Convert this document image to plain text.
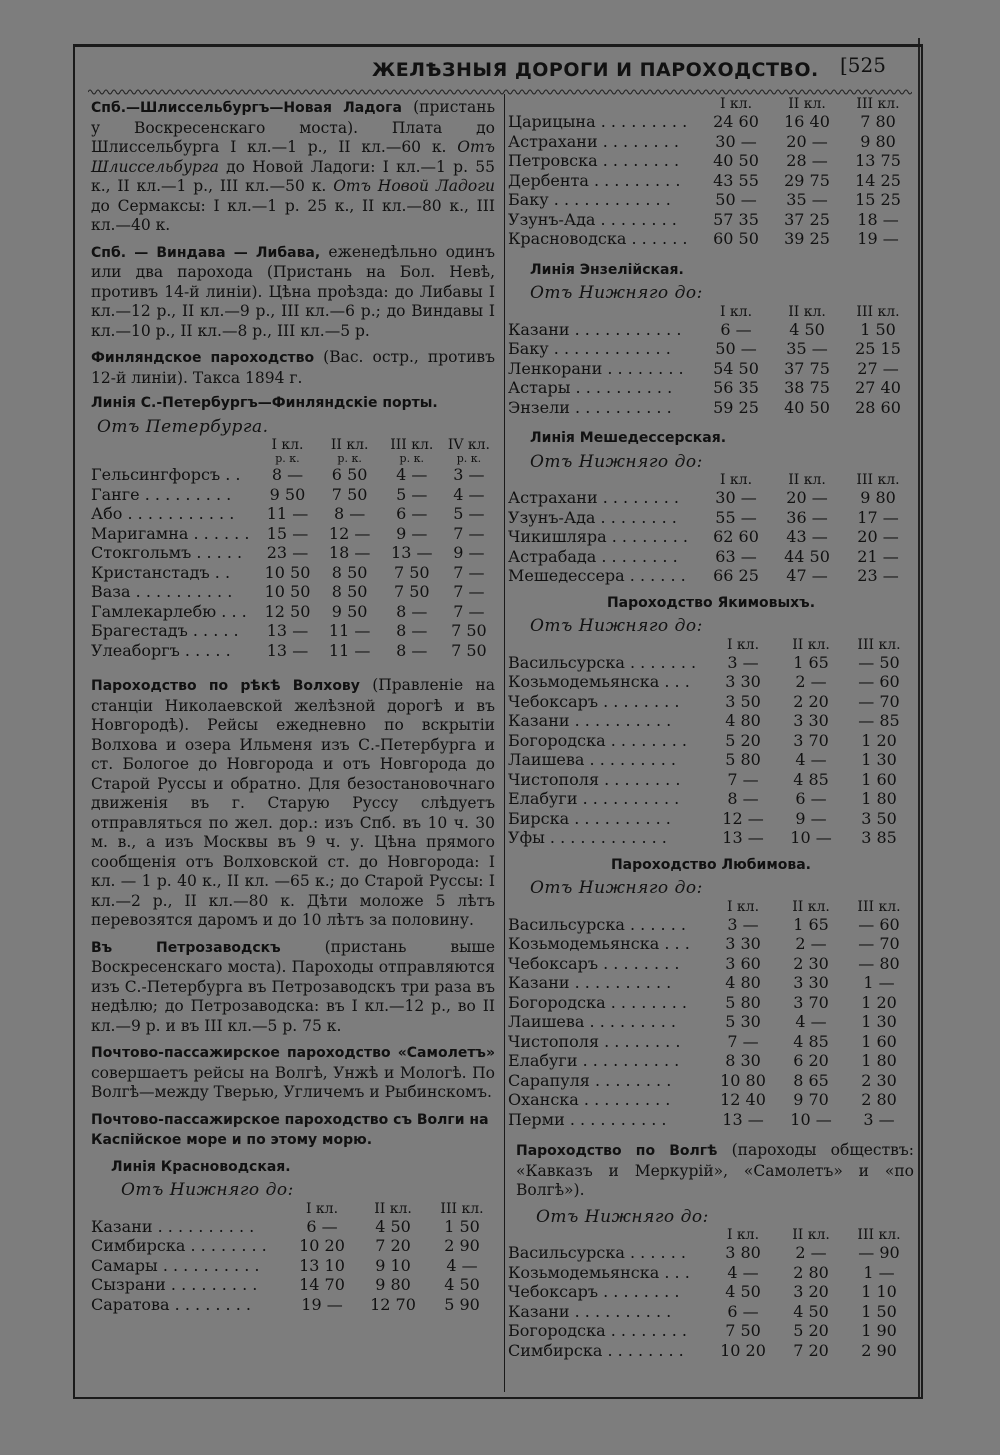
ЖЕЛѢЗНЫЯ ДОРОГИ И ПАРОХОДСТВО. [525

Спб.—Шлиссельбургъ—Новая Ладога (пристань у Воскресенскаго моста). Плата до Шлиссельбурга I кл.—1 р., II кл.—60 к. Отъ Шлиссельбурга до Новой Ладоги: I кл.—1 р. 55 к., II кл.—1 р., III кл.—50 к. Отъ Новой Ладоги до Сермаксы: I кл.—1 р. 25 к., II кл.—80 к., III кл.—40 к.

Спб. — Виндава — Либава, еженедѣльно одинъ или два парохода (Пристань на Бол. Невѣ, противъ 14-й линіи). Цѣна проѣзда: до Либавы I кл.—12 р., II кл.—9 р., III кл.—6 р.; до Виндавы I кл.—10 р., II кл.—8 р., III кл.—5 р.

Финляндское пароходство (Вас. остр., противъ 12-й линіи). Такса 1894 г.

Линія С.-Петербургъ—Финляндскіе порты.
Отъ Петербурга.
	I кл.	II кл.	III кл.	IV кл.
	р. к.	р. к.	р. к.	р. к.
Гельсингфорсъ . .	8 —	6 50	4 —	3 —
Ганге . . . . . . . . .	9 50	7 50	5 —	4 —
Або . . . . . . . . . . .	11 —	8 —	6 —	5 —
Маригамна . . . . . .	15 —	12 —	9 —	7 —
Стокгольмъ . . . . .	23 —	18 —	13 —	9 —
Кристанстадъ . .	10 50	8 50	7 50	7 —
Ваза . . . . . . . . . .	10 50	8 50	7 50	7 —
Гамлекарлебю . . .	12 50	9 50	8 —	7 —
Брагестадъ . . . . .	13 —	11 —	8 —	7 50
Улеаборгъ . . . . .	13 —	11 —	8 —	7 50

Пароходство по рѣкѣ Волхову (Правленіе на станціи Николаевской желѣзной дорогѣ и въ Новгородѣ). Рейсы ежедневно по вскрытіи Волхова и озера Ильменя изъ С.-Петербурга и ст. Бологое до Новгорода и отъ Новгорода до Старой Руссы и обратно. Для безостановочнаго движенія въ г. Старую Руссу слѣдуетъ отправляться по жел. дор.: изъ Спб. въ 10 ч. 30 м. в., а изъ Москвы въ 9 ч. у. Цѣна прямого сообщенія отъ Волховской ст. до Новгорода: I кл. — 1 р. 40 к., II кл. —65 к.; до Старой Руссы: I кл.—2 р., II кл.—80 к. Дѣти моложе 5 лѣтъ перевозятся даромъ и до 10 лѣтъ за половину.

Въ Петрозаводскъ (пристань выше Воскресенскаго моста). Пароходы отправляются изъ С.-Петербурга въ Петрозаводскъ три раза въ недѣлю; до Петрозаводска: въ I кл.—12 р., во II кл.—9 р. и въ III кл.—5 р. 75 к.

Почтово-пассажирское пароходство «Самолетъ» совершаетъ рейсы на Волгѣ, Унжѣ и Мологѣ. По Волгѣ—между Тверью, Угличемъ и Рыбинскомъ.

Почтово-пассажирское пароходство съ Волги на Каспійское море и по этому морю.

Линія Красноводская.
Отъ Нижняго до:
	I кл.	II кл.	III кл.
Казани . . . . . . . . . .	6 —	4 50	1 50
Симбирска . . . . . . . .	10 20	7 20	2 90
Самары . . . . . . . . . .	13 10	9 10	4 —
Сызрани . . . . . . . . .	14 70	9 80	4 50
Саратова . . . . . . . .	19 —	12 70	5 90
	I кл.	II кл.	III кл.
Царицына . . . . . . . . .	24 60	16 40	7 80
Астрахани . . . . . . . .	30 —	20 —	9 80
Петровска . . . . . . . .	40 50	28 —	13 75
Дербента . . . . . . . . .	43 55	29 75	14 25
Баку . . . . . . . . . . . .	50 —	35 —	15 25
Узунъ-Ада . . . . . . . .	57 35	37 25	18 —
Красноводска . . . . . .	60 50	39 25	19 —
Линія Энзелійская.
Отъ Нижняго до:
	I кл.	II кл.	III кл.
Казани . . . . . . . . . . .	6 —	4 50	1 50
Баку . . . . . . . . . . . .	50 —	35 —	25 15
Ленкорани . . . . . . . .	54 50	37 75	27 —
Астары . . . . . . . . . .	56 35	38 75	27 40
Энзели . . . . . . . . . .	59 25	40 50	28 60
Линія Мешедессерская.
Отъ Нижняго до:
	I кл.	II кл.	III кл.
Астрахани . . . . . . . .	30 —	20 —	9 80
Узунъ-Ада . . . . . . . .	55 —	36 —	17 —
Чикишляра . . . . . . . .	62 60	43 —	20 —
Астрабада . . . . . . . .	63 —	44 50	21 —
Мешедессера . . . . . .	66 25	47 —	23 —
Пароходство Якимовыхъ.
Отъ Нижняго до:
	I кл.	II кл.	III кл.
Васильсурска . . . . . . .	3 —	1 65	— 50
Козьмодемьянска . . .	3 30	2 —	— 60
Чебоксаръ . . . . . . . .	3 50	2 20	— 70
Казани . . . . . . . . . .	4 80	3 30	— 85
Богородска . . . . . . . .	5 20	3 70	1 20
Лаишева . . . . . . . . .	5 80	4 —	1 30
Чистополя . . . . . . . .	7 —	4 85	1 60
Елабуги . . . . . . . . . .	8 —	6 —	1 80
Бирска . . . . . . . . . .	12 —	9 —	3 50
Уфы . . . . . . . . . . . .	13 —	10 —	3 85
Пароходство Любимова.
Отъ Нижняго до:
	I кл.	II кл.	III кл.
Васильсурска . . . . . .	3 —	1 65	— 60
Козьмодемьянска . . .	3 30	2 —	— 70
Чебоксаръ . . . . . . . .	3 60	2 30	— 80
Казани . . . . . . . . . .	4 80	3 30	1 —
Богородска . . . . . . . .	5 80	3 70	1 20
Лаишева . . . . . . . . .	5 30	4 —	1 30
Чистополя . . . . . . . .	7 —	4 85	1 60
Елабуги . . . . . . . . . .	8 30	6 20	1 80
Сарапуля . . . . . . . .	10 80	8 65	2 30
Оханска . . . . . . . . .	12 40	9 70	2 80
Перми . . . . . . . . . .	13 —	10 —	3 —

Пароходство по Волгѣ (пароходы обществъ: «Кавказъ и Меркурій», «Самолетъ» и «по Волгѣ»).

Отъ Нижняго до:
	I кл.	II кл.	III кл.
Васильсурска . . . . . .	3 80	2 —	— 90
Козьмодемьянска . . .	4 —	2 80	1 —
Чебоксаръ . . . . . . . .	4 50	3 20	1 10
Казани . . . . . . . . . .	6 —	4 50	1 50
Богородска . . . . . . . .	7 50	5 20	1 90
Симбирска . . . . . . . .	10 20	7 20	2 90
